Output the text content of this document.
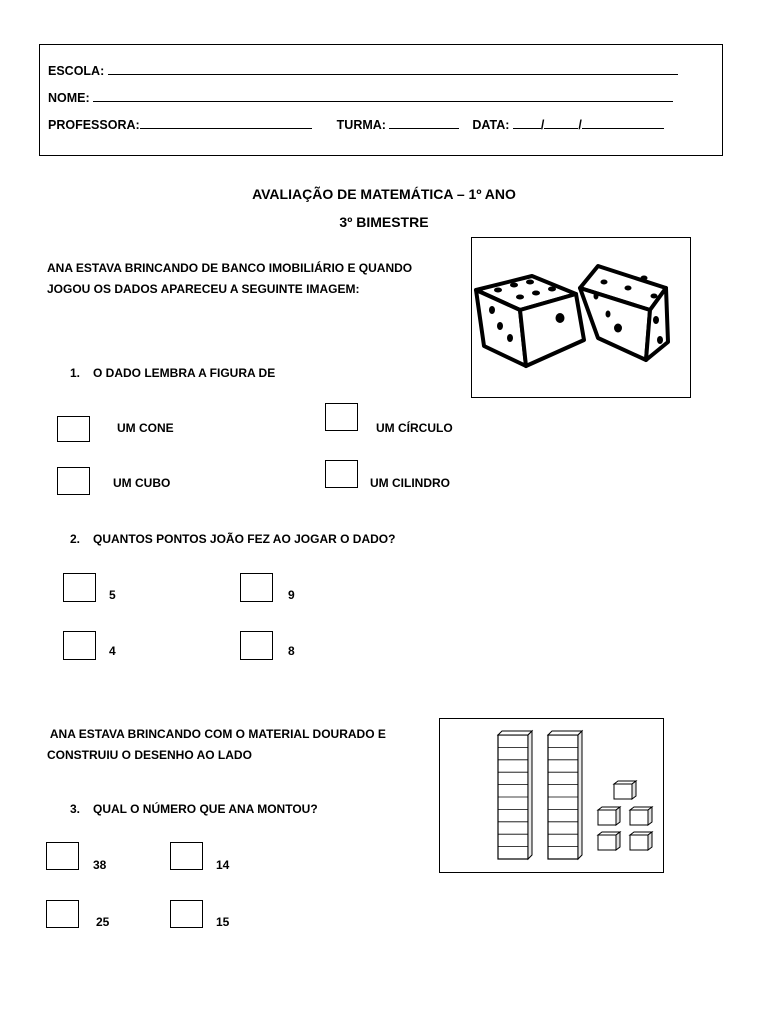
ESCOLA:
NOME:
PROFESSORA:	TURMA:	DATA:	/	/
AVALIAÇÃO DE MATEMÁTICA – 1º ANO
3º BIMESTRE
ANA ESTAVA BRINCANDO DE BANCO IMOBILIÁRIO E QUANDO
JOGOU OS DADOS APARECEU A SEGUINTE IMAGEM:
1. O DADO LEMBRA A FIGURA DE
UM CONE	UM CÍRCULO
UM CUBO	UM CILINDRO
2. QUANTOS PONTOS JOÃO FEZ AO JOGAR O DADO?
5	9
4	8
ANA ESTAVA BRINCANDO COM O MATERIAL DOURADO E
CONSTRUIU O DESENHO AO LADO
3. QUAL O NÚMERO QUE ANA MONTOU?
38	14
25	15
